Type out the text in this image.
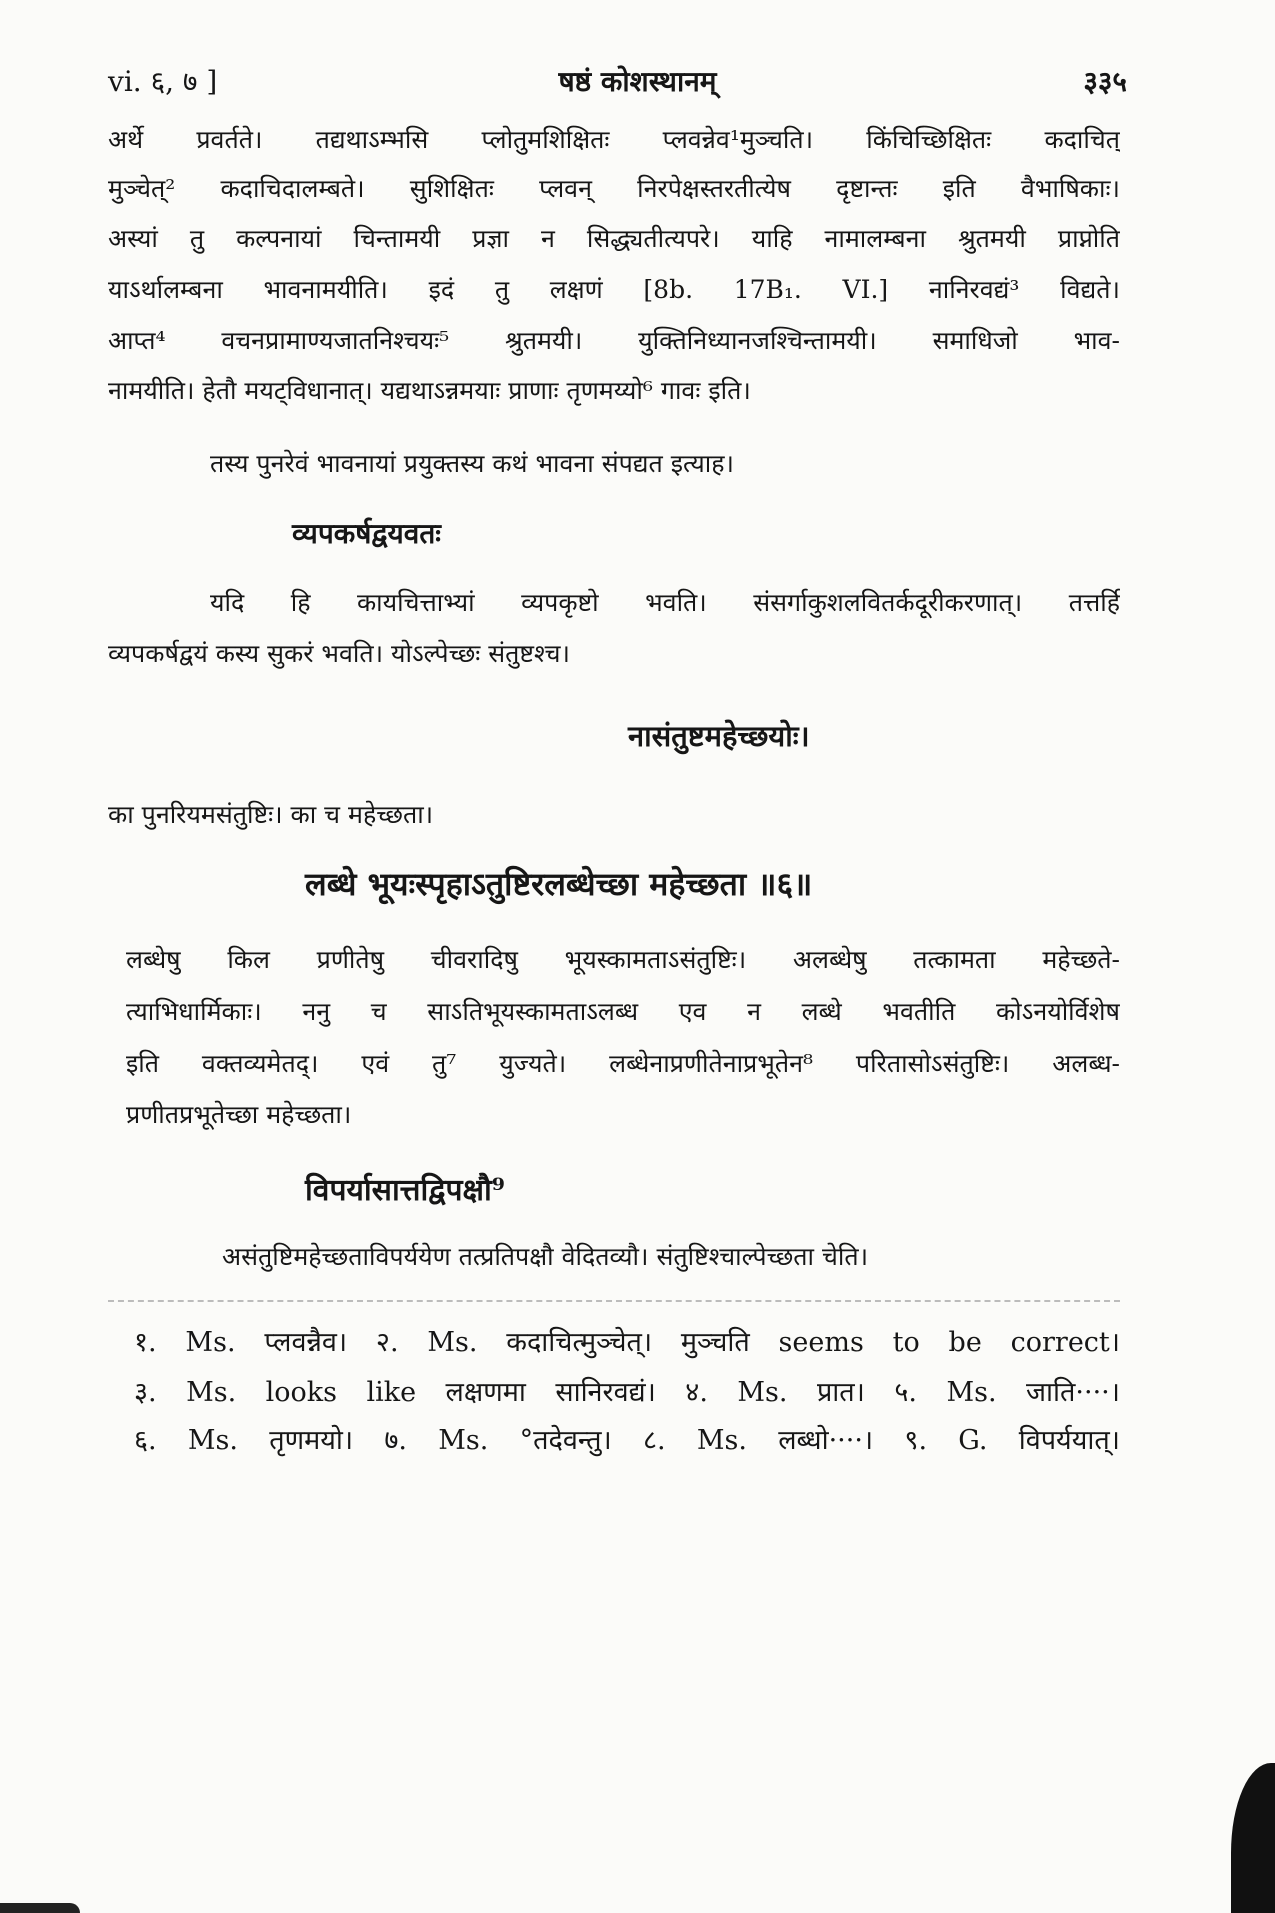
vi. ६, ७ ]	षष्ठं कोशस्थानम्	३३५
अर्थे प्रवर्तते। तद्यथाऽम्भसि प्लोतुमशिक्षितः प्लवन्नेव¹मुञ्चति। किंचिच्छिक्षितः कदाचित्
मुञ्चेत्² कदाचिदालम्बते। सुशिक्षितः प्लवन् निरपेक्षस्तरतीत्येष दृष्टान्तः इति वैभाषिकाः।
अस्यां तु कल्पनायां चिन्तामयी प्रज्ञा न सिद्ध्यतीत्यपरे। याहि नामालम्बना श्रुतमयी प्राप्नोति
याऽर्थालम्बना भावनामयीति। इदं तु लक्षणं [8b. 17B₁. VI.] नानिरवद्यं³ विद्यते।
आप्त⁴ वचनप्रामाण्यजातनिश्चयः⁵ श्रुतमयी। युक्तिनिध्यानजश्चिन्तामयी। समाधिजो भाव-
नामयीति। हेतौ मयट्विधानात्। यद्यथाऽन्नमयाः प्राणाः तृणमय्यो⁶ गावः इति।
तस्य पुनरेवं भावनायां प्रयुक्तस्य कथं भावना संपद्यत इत्याह।
व्यपकर्षद्वयवतः
यदि हि कायचित्ताभ्यां व्यपकृष्टो भवति। संसर्गाकुशलवितर्कदूरीकरणात्। तत्तर्हि
व्यपकर्षद्वयं कस्य सुकरं भवति। योऽल्पेच्छः संतुष्टश्च।
नासंतुष्टमहेच्छयोः।
का पुनरियमसंतुष्टिः। का च महेच्छता।
लब्धे भूयःस्पृहाऽतुष्टिरलब्धेच्छा महेच्छता ॥६॥
लब्धेषु किल प्रणीतेषु चीवरादिषु भूयस्कामताऽसंतुष्टिः। अलब्धेषु तत्कामता महेच्छते-
त्याभिधार्मिकाः। ननु च साऽतिभूयस्कामताऽलब्ध एव न लब्धे भवतीति कोऽनयोर्विशेष
इति वक्तव्यमेतद्। एवं तु⁷ युज्यते। लब्धेनाप्रणीतेनाप्रभूतेन⁸ परितासोऽसंतुष्टिः। अलब्ध-
प्रणीतप्रभूतेच्छा महेच्छता।
विपर्यासात्तद्विपक्षौ⁹
असंतुष्टिमहेच्छताविपर्ययेण तत्प्रतिपक्षौ वेदितव्यौ। संतुष्टिश्चाल्पेच्छता चेति।
१. Ms. प्लवन्नैव। २. Ms. कदाचित्मुञ्चेत्। मुञ्चति seems to be correct।
३. Ms. looks like लक्षणमा सानिरवद्यं। ४. Ms. प्रात। ५. Ms. जाति····।
६. Ms. तृणमयो। ७. Ms. °तदेवन्तु। ८. Ms. लब्धो····। ९. G. विपर्ययात्।
